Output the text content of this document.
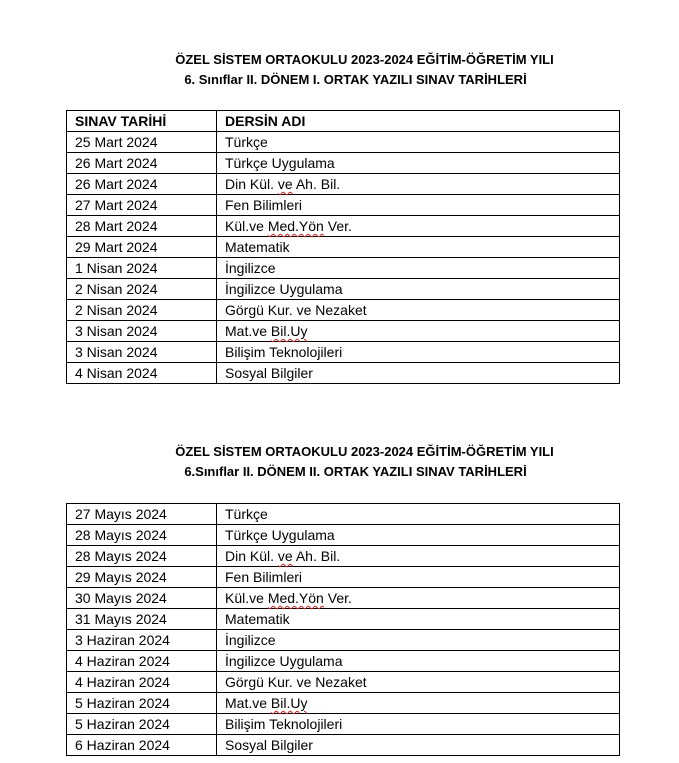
ÖZEL SİSTEM ORTAOKULU 2023-2024 EĞİTİM-ÖĞRETİM YILI
6. Sınıflar II. DÖNEM I. ORTAK YAZILI SINAV TARİHLERİ
SINAV TARİHİ	DERSİN ADI
25 Mart 2024	Türkçe
26 Mart 2024	Türkçe Uygulama
26 Mart 2024	Din Kül. ve Ah. Bil.
27 Mart 2024	Fen Bilimleri
28 Mart 2024	Kül.ve Med.Yön Ver.
29 Mart 2024	Matematik
1 Nisan 2024	İngilizce
2 Nisan 2024	İngilizce Uygulama
2 Nisan 2024	Görgü Kur. ve Nezaket
3 Nisan 2024	Mat.ve Bil.Uy
3 Nisan 2024	Bilişim Teknolojileri
4 Nisan 2024	Sosyal Bilgiler
ÖZEL SİSTEM ORTAOKULU 2023-2024 EĞİTİM-ÖĞRETİM YILI
6.Sınıflar II. DÖNEM II. ORTAK YAZILI SINAV TARİHLERİ
27 Mayıs 2024	Türkçe
28 Mayıs 2024	Türkçe Uygulama
28 Mayıs 2024	Din Kül. ve Ah. Bil.
29 Mayıs 2024	Fen Bilimleri
30 Mayıs 2024	Kül.ve Med.Yön Ver.
31 Mayıs 2024	Matematik
3 Haziran 2024	İngilizce
4 Haziran 2024	İngilizce Uygulama
4 Haziran 2024	Görgü Kur. ve Nezaket
5 Haziran 2024	Mat.ve Bil.Uy
5 Haziran 2024	Bilişim Teknolojileri
6 Haziran 2024	Sosyal Bilgiler
